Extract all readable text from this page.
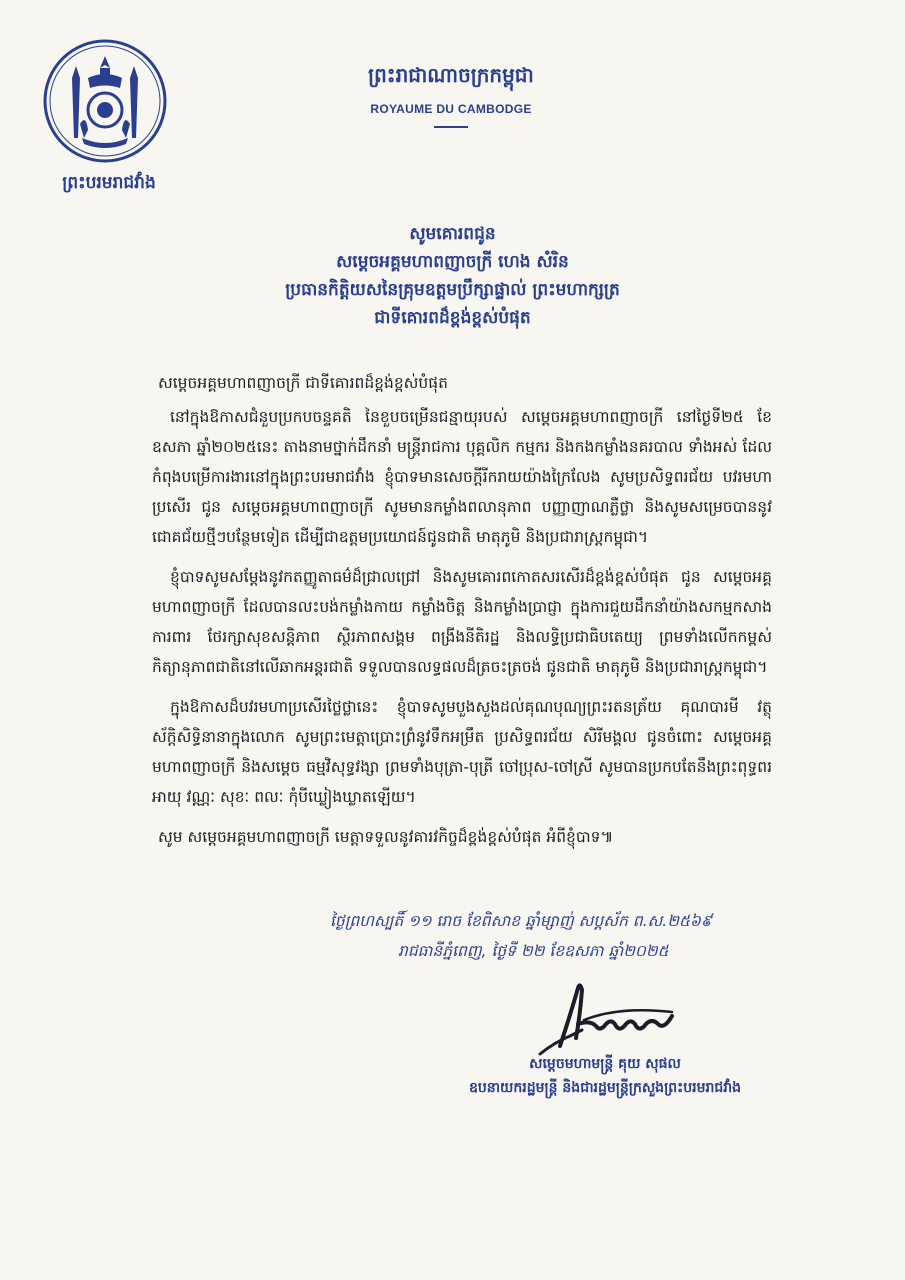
ព្រះបរមរាជវាំង
ព្រះរាជាណាចក្រកម្ពុជា
ROYAUME DU CAMBODGE
សូមគោរពជូន
សម្តេចអគ្គមហាពញាចក្រី ហេង សំរិន
ប្រធានកិត្តិយសនៃគ្រុមឧត្តមប្រឹក្សាផ្ទាល់ ព្រះមហាក្សត្រ
ជាទីគោរពដ៏ខ្ពង់ខ្ពស់បំផុត

សម្តេចអគ្គមហាពញាចក្រី ជាទីគោរពដ៏ខ្ពង់ខ្ពស់បំផុត

នៅក្នុងឱកាសជំនួបប្រកបចន្ទគតិ នៃខួបចម្រើនជន្មាយុរបស់ សម្តេចអគ្គមហាពញាចក្រី នៅថ្ងៃទី២៥ ខែឧសភា ឆ្នាំ២០២៥នេះ តាងនាមថ្នាក់ដឹកនាំ មន្ត្រីរាជការ បុគ្គលិក កម្មករ និងកងកម្លាំងនគរបាល ទាំងអស់ ដែលកំពុងបម្រើការងារនៅក្នុងព្រះបរមរាជវាំង ខ្ញុំបាទមានសេចក្តីរីករាយយ៉ាងក្រៃលែង សូមប្រសិទ្ធពរជ័យ បវរមហាប្រសើរ ជូន សម្តេចអគ្គមហាពញាចក្រី សូមមានកម្លាំងពលានុភាព បញ្ញាញាណភ្លឺថ្លា និងសូមសម្រេចបាននូវជោគជ័យថ្មីៗបន្ថែមទៀត ដើម្បីជាឧត្តមប្រយោជន៍ជូនជាតិ មាតុភូមិ និងប្រជារាស្ត្រកម្ពុជា។

ខ្ញុំបាទសូមសម្តែងនូវកតញ្ញូតាធម៌ដ៏ជ្រាលជ្រៅ និងសូមគោរពកោតសរសើរដ៏ខ្ពង់ខ្ពស់បំផុត ជូន សម្តេចអគ្គមហាពញាចក្រី ដែលបានលះបង់កម្លាំងកាយ កម្លាំងចិត្ត និងកម្លាំងប្រាជ្ញា ក្នុងការជួយដឹកនាំយ៉ាងសកម្មកសាង ការពារ ថែរក្សាសុខសន្តិភាព ស្ថិរភាពសង្គម ពង្រីងនីតិរដ្ឋ និងលទ្ធិប្រជាធិបតេយ្យ ព្រមទាំងលើកកម្ពស់កិត្យានុភាពជាតិនៅលើឆាកអន្តរជាតិ ទទួលបានលទ្ធផលដ៏ត្រចះត្រចង់ ជូនជាតិ មាតុភូមិ និងប្រជារាស្ត្រកម្ពុជា។

ក្នុងឱកាសដ៏បវរមហាប្រសើរថ្លៃថ្លានេះ ខ្ញុំបាទសូមបួងសួងដល់គុណបុណ្យព្រះរតនត្រ័យ គុណបារមី វត្ថុស័ក្តិសិទ្ធិនានាក្នុងលោក សូមព្រះមេត្តាប្រោះព្រំនូវទឹកអម្រឹត ប្រសិទ្ធពរជ័យ សិរីមង្គល ជូនចំពោះ សម្តេចអគ្គមហាពញាចក្រី និងសម្តេច ធម្មវិសុទ្ធវង្សា ព្រមទាំងបុត្រា-បុត្រី ចៅប្រុស-ចៅស្រី សូមបានប្រកបតែនឹងព្រះពុទ្ធពរ អាយុ វណ្ណៈ សុខៈ ពលៈ កុំបីឃ្លៀងឃ្លាតឡើយ។

សូម សម្តេចអគ្គមហាពញាចក្រី មេត្តាទទួលនូវគារវកិច្ចដ៏ខ្ពង់ខ្ពស់បំផុត អំពីខ្ញុំបាទ៕

ថ្ងៃព្រហស្បតិ៍ ១១ រោច ខែពិសាខ ឆ្នាំម្សាញ់ សប្តស័ក ព.ស.២៥៦៩
រាជធានីភ្នំពេញ, ថ្ងៃទី ២២ ខែឧសភា ឆ្នាំ២០២៥
សម្តេចមហាមន្ត្រី គុយ សុផល
ឧបនាយករដ្ឋមន្ត្រី និងជារដ្ឋមន្ត្រីក្រសួងព្រះបរមរាជវាំង
